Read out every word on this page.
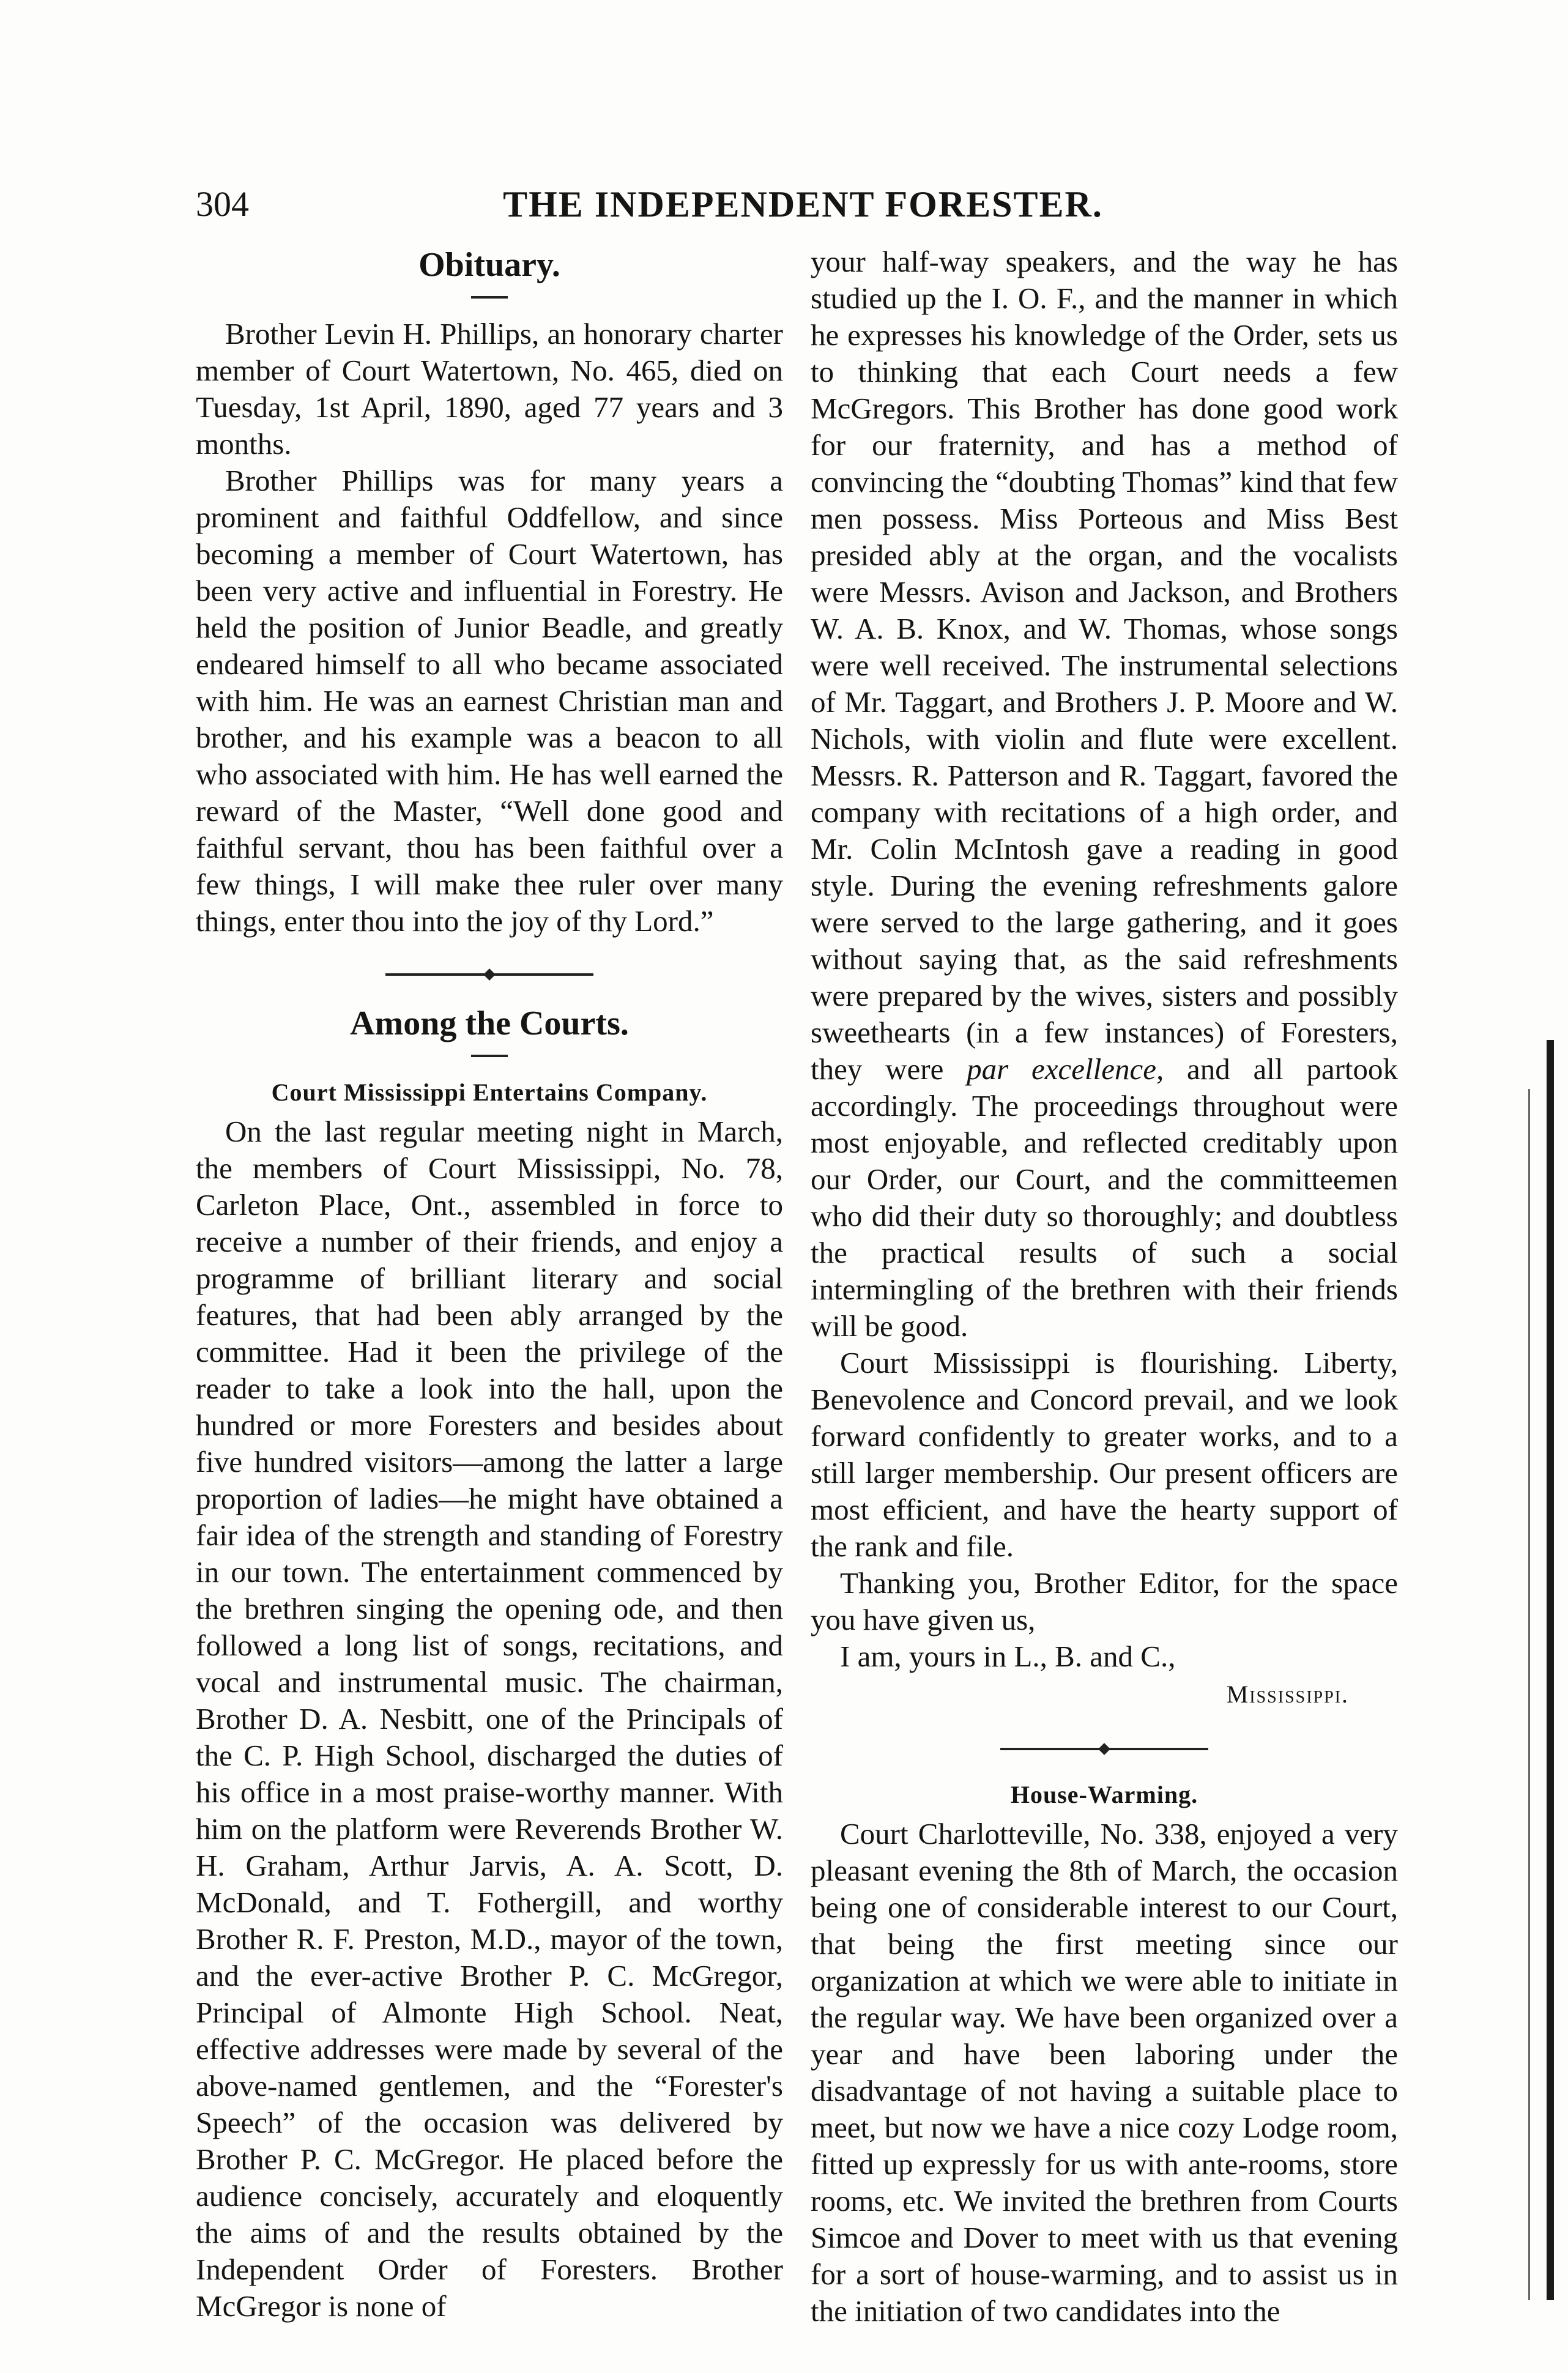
304	THE INDEPENDENT FORESTER.
Obituary.

Brother Levin H. Phillips, an honorary charter member of Court Watertown, No. 465, died on Tuesday, 1st April, 1890, aged 77 years and 3 months.

Brother Phillips was for many years a prominent and faithful Oddfellow, and since becoming a member of Court Watertown, has been very active and influential in Forestry. He held the position of Junior Beadle, and greatly endeared himself to all who became associated with him. He was an earnest Christian man and brother, and his example was a beacon to all who associated with him. He has well earned the reward of the Master, “Well done good and faithful servant, thou has been faithful over a few things, I will make thee ruler over many things, enter thou into the joy of thy Lord.”

Among the Courts.
Court Mississippi Entertains Company.

On the last regular meeting night in March, the members of Court Mississippi, No. 78, Carleton Place, Ont., assembled in force to receive a number of their friends, and enjoy a programme of brilliant literary and social features, that had been ably arranged by the committee. Had it been the privilege of the reader to take a look into the hall, upon the hundred or more Foresters and besides about five hundred visitors—among the latter a large proportion of ladies—he might have obtained a fair idea of the strength and standing of Forestry in our town. The entertainment commenced by the brethren singing the opening ode, and then followed a long list of songs, recitations, and vocal and instrumental music. The chairman, Brother D. A. Nesbitt, one of the Principals of the C. P. High School, discharged the duties of his office in a most praise-worthy manner. With him on the platform were Reverends Brother W. H. Graham, Arthur Jarvis, A. A. Scott, D. McDonald, and T. Fothergill, and worthy Brother R. F. Preston, M.D., mayor of the town, and the ever-active Brother P. C. McGregor, Principal of Almonte High School. Neat, effective addresses were made by several of the above-named gentlemen, and the “Forester's Speech” of the occasion was delivered by Brother P. C. McGregor. He placed before the audience concisely, accurately and eloquently the aims of and the results obtained by the Independent Order of Foresters. Brother McGregor is none of

your half-way speakers, and the way he has studied up the I. O. F., and the manner in which he expresses his knowledge of the Order, sets us to thinking that each Court needs a few McGregors. This Brother has done good work for our fraternity, and has a method of convincing the “doubting Thomas” kind that few men possess. Miss Porteous and Miss Best presided ably at the organ, and the vocalists were Messrs. Avison and Jackson, and Brothers W. A. B. Knox, and W. Thomas, whose songs were well received. The instrumental selections of Mr. Taggart, and Brothers J. P. Moore and W. Nichols, with violin and flute were excellent. Messrs. R. Patterson and R. Taggart, favored the company with recitations of a high order, and Mr. Colin McIntosh gave a reading in good style. During the evening refreshments galore were served to the large gathering, and it goes without saying that, as the said refreshments were prepared by the wives, sisters and possibly sweethearts (in a few instances) of Foresters, they were par excellence, and all partook accordingly. The proceedings throughout were most enjoyable, and reflected creditably upon our Order, our Court, and the committeemen who did their duty so thoroughly; and doubtless the practical results of such a social intermingling of the brethren with their friends will be good.

Court Mississippi is flourishing. Liberty, Benevolence and Concord prevail, and we look forward confidently to greater works, and to a still larger membership. Our present officers are most efficient, and have the hearty support of the rank and file.

Thanking you, Brother Editor, for the space you have given us,

I am, yours in L., B. and C.,
Mississippi.
House-Warming.

Court Charlotteville, No. 338, enjoyed a very pleasant evening the 8th of March, the occasion being one of considerable interest to our Court, that being the first meeting since our organization at which we were able to initiate in the regular way. We have been organized over a year and have been laboring under the disadvantage of not having a suitable place to meet, but now we have a nice cozy Lodge room, fitted up expressly for us with ante-rooms, store rooms, etc. We invited the brethren from Courts Simcoe and Dover to meet with us that evening for a sort of house-warming, and to assist us in the initiation of two candidates into the
